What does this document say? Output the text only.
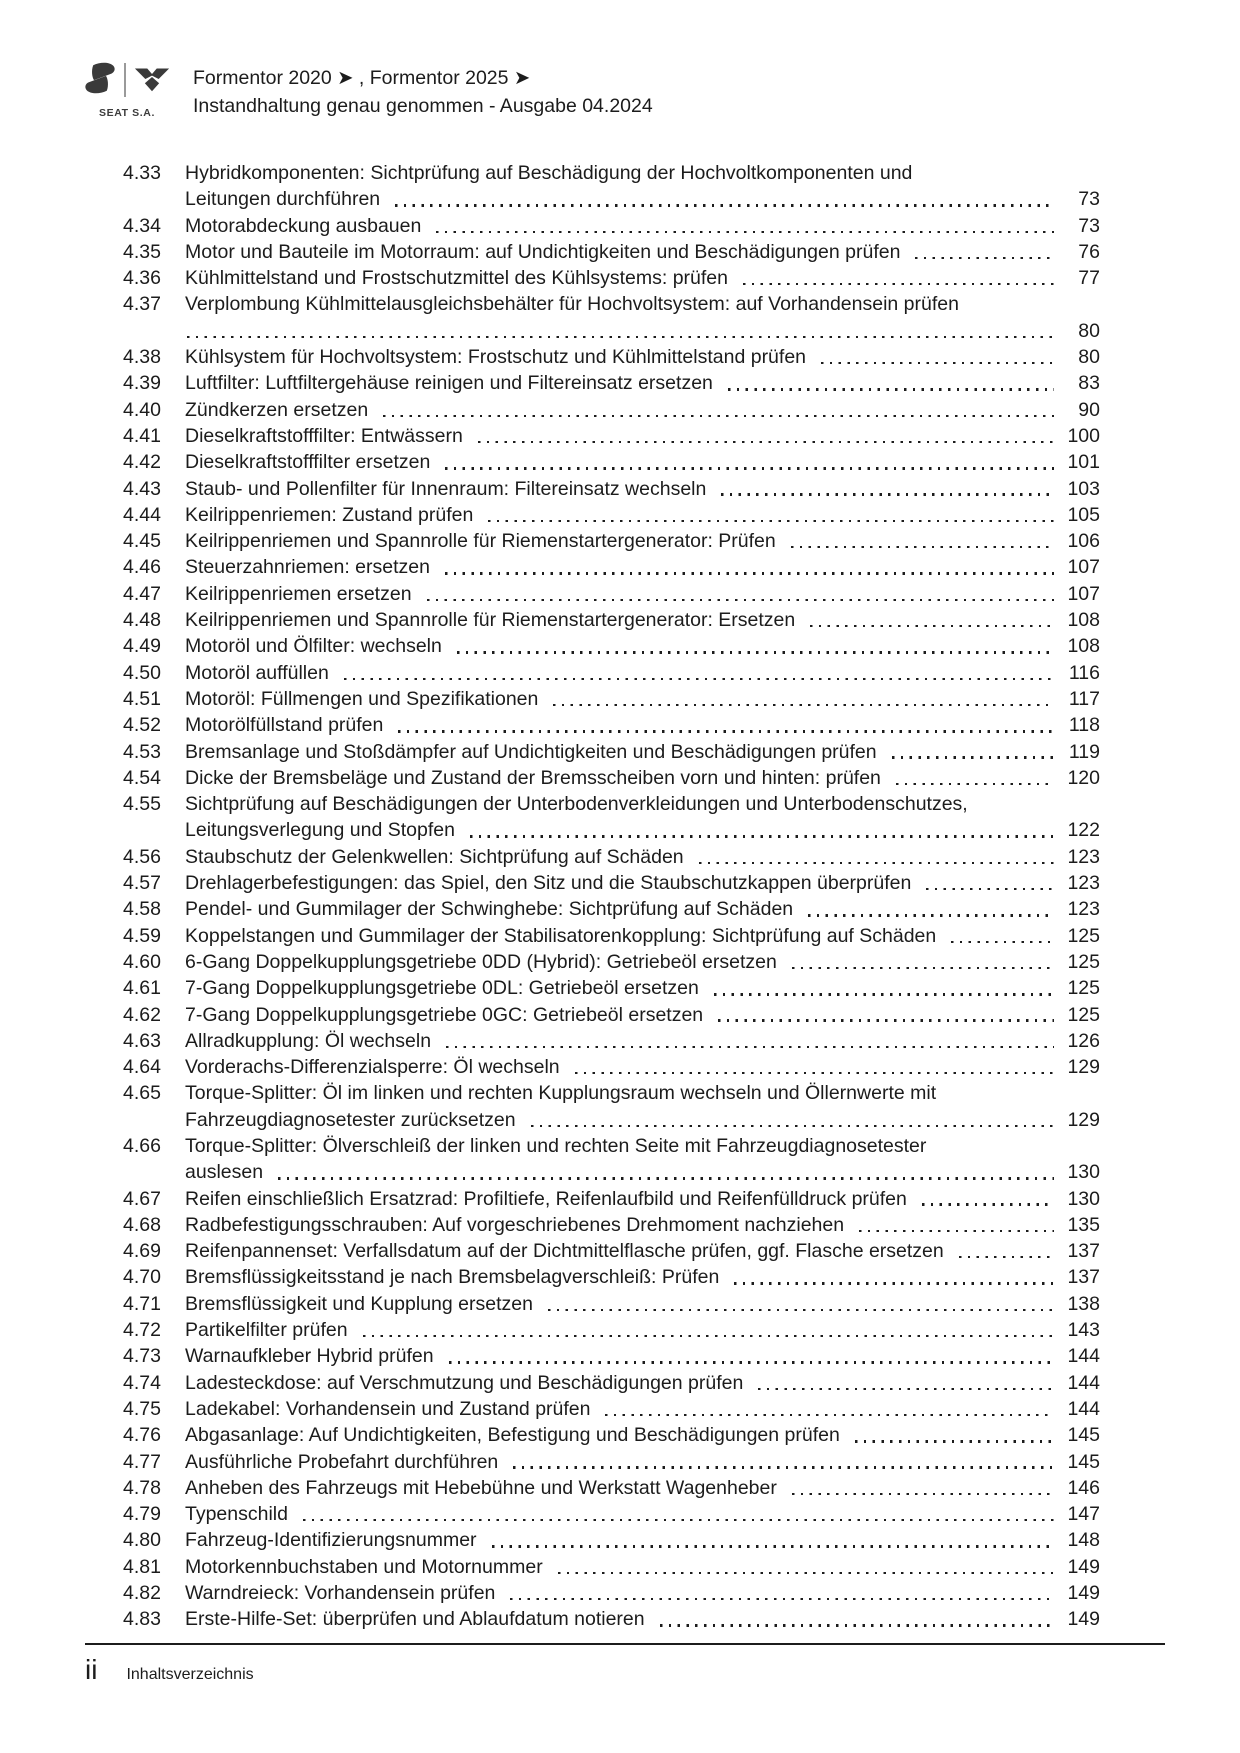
SEAT S.A.
Formentor 2020 ➤ , Formentor 2025 ➤
Instandhaltung genau genommen - Ausgabe 04.2024
4.33	Hybridkomponenten: Sichtprüfung auf Beschädigung der Hochvoltkomponenten und
Leitungen durchführen	73
4.34	Motorabdeckung ausbauen	73
4.35	Motor und Bauteile im Motorraum: auf Undichtigkeiten und Beschädigungen prüfen	76
4.36	Kühlmittelstand und Frostschutzmittel des Kühlsystems: prüfen	77
4.37	Verplombung Kühlmittelausgleichsbehälter für Hochvoltsystem: auf Vorhandensein prüfen
80
4.38	Kühlsystem für Hochvoltsystem: Frostschutz und Kühlmittelstand prüfen	80
4.39	Luftfilter: Luftfiltergehäuse reinigen und Filtereinsatz ersetzen	83
4.40	Zündkerzen ersetzen	90
4.41	Dieselkraftstofffilter: Entwässern	100
4.42	Dieselkraftstofffilter ersetzen	101
4.43	Staub- und Pollenfilter für Innenraum: Filtereinsatz wechseln	103
4.44	Keilrippenriemen: Zustand prüfen	105
4.45	Keilrippenriemen und Spannrolle für Riemenstartergenerator: Prüfen	106
4.46	Steuerzahnriemen: ersetzen	107
4.47	Keilrippenriemen ersetzen	107
4.48	Keilrippenriemen und Spannrolle für Riemenstartergenerator: Ersetzen	108
4.49	Motoröl und Ölfilter: wechseln	108
4.50	Motoröl auffüllen	116
4.51	Motoröl: Füllmengen und Spezifikationen	117
4.52	Motorölfüllstand prüfen	118
4.53	Bremsanlage und Stoßdämpfer auf Undichtigkeiten und Beschädigungen prüfen	119
4.54	Dicke der Bremsbeläge und Zustand der Bremsscheiben vorn und hinten: prüfen	120
4.55	Sichtprüfung auf Beschädigungen der Unterbodenverkleidungen und Unterbodenschutzes,
Leitungsverlegung und Stopfen	122
4.56	Staubschutz der Gelenkwellen: Sichtprüfung auf Schäden	123
4.57	Drehlagerbefestigungen: das Spiel, den Sitz und die Staubschutzkappen überprüfen	123
4.58	Pendel- und Gummilager der Schwinghebe: Sichtprüfung auf Schäden	123
4.59	Koppelstangen und Gummilager der Stabilisatorenkopplung: Sichtprüfung auf Schäden	125
4.60	6-Gang Doppelkupplungsgetriebe 0DD (Hybrid): Getriebeöl ersetzen	125
4.61	7-Gang Doppelkupplungsgetriebe 0DL: Getriebeöl ersetzen	125
4.62	7-Gang Doppelkupplungsgetriebe 0GC: Getriebeöl ersetzen	125
4.63	Allradkupplung: Öl wechseln	126
4.64	Vorderachs-Differenzialsperre: Öl wechseln	129
4.65	Torque-Splitter: Öl im linken und rechten Kupplungsraum wechseln und Öllernwerte mit
Fahrzeugdiagnosetester zurücksetzen	129
4.66	Torque-Splitter: Ölverschleiß der linken und rechten Seite mit Fahrzeugdiagnosetester
auslesen	130
4.67	Reifen einschließlich Ersatzrad: Profiltiefe, Reifenlaufbild und Reifenfülldruck prüfen	130
4.68	Radbefestigungsschrauben: Auf vorgeschriebenes Drehmoment nachziehen	135
4.69	Reifenpannenset: Verfallsdatum auf der Dichtmittelflasche prüfen, ggf. Flasche ersetzen	137
4.70	Bremsflüssigkeitsstand je nach Bremsbelagverschleiß: Prüfen	137
4.71	Bremsflüssigkeit und Kupplung ersetzen	138
4.72	Partikelfilter prüfen	143
4.73	Warnaufkleber Hybrid prüfen	144
4.74	Ladesteckdose: auf Verschmutzung und Beschädigungen prüfen	144
4.75	Ladekabel: Vorhandensein und Zustand prüfen	144
4.76	Abgasanlage: Auf Undichtigkeiten, Befestigung und Beschädigungen prüfen	145
4.77	Ausführliche Probefahrt durchführen	145
4.78	Anheben des Fahrzeugs mit Hebebühne und Werkstatt Wagenheber	146
4.79	Typenschild	147
4.80	Fahrzeug-Identifizierungsnummer	148
4.81	Motorkennbuchstaben und Motornummer	149
4.82	Warndreieck: Vorhandensein prüfen	149
4.83	Erste-Hilfe-Set: überprüfen und Ablaufdatum notieren	149
ii Inhaltsverzeichnis
